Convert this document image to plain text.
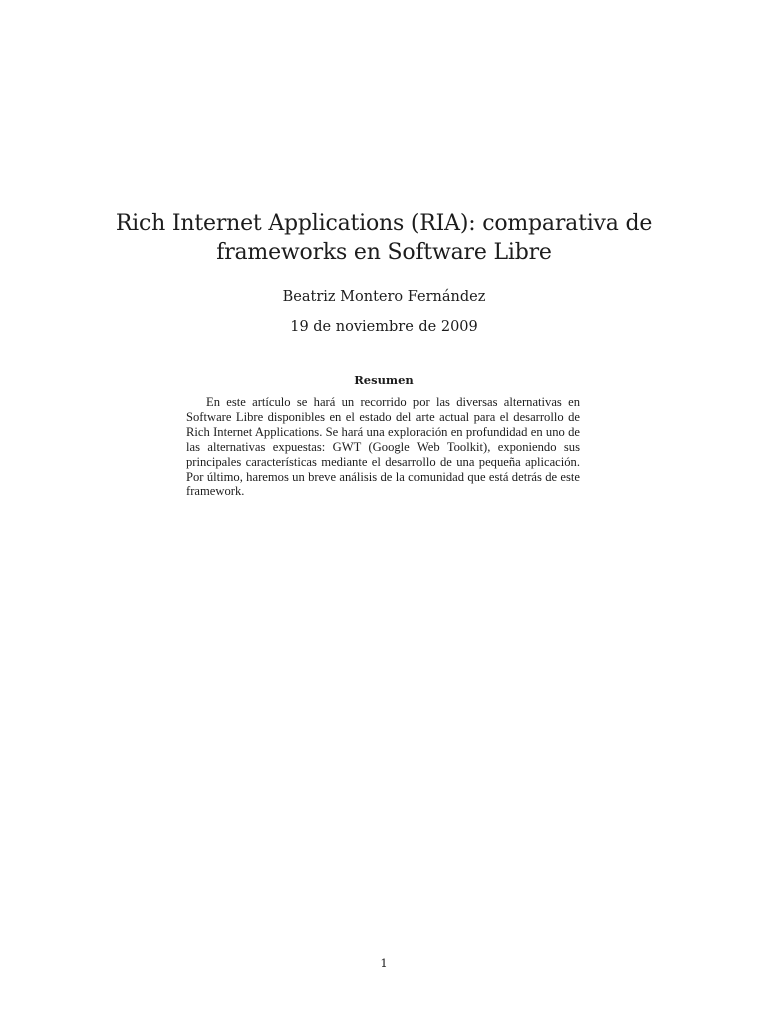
Rich Internet Applications (RIA): comparativa de
frameworks en Software Libre
Beatriz Montero Fernández
19 de noviembre de 2009
Resumen

En este artículo se hará un recorrido por las diversas alternativas en Software Libre disponibles en el estado del arte actual para el desarrollo de Rich Internet Applications. Se hará una exploración en profundidad en uno de las alternativas expuestas: GWT (Google Web Toolkit), exponiendo sus principales características mediante el desarrollo de una pequeña aplicación. Por último, haremos un breve análisis de la comunidad que está detrás de este framework.

1
